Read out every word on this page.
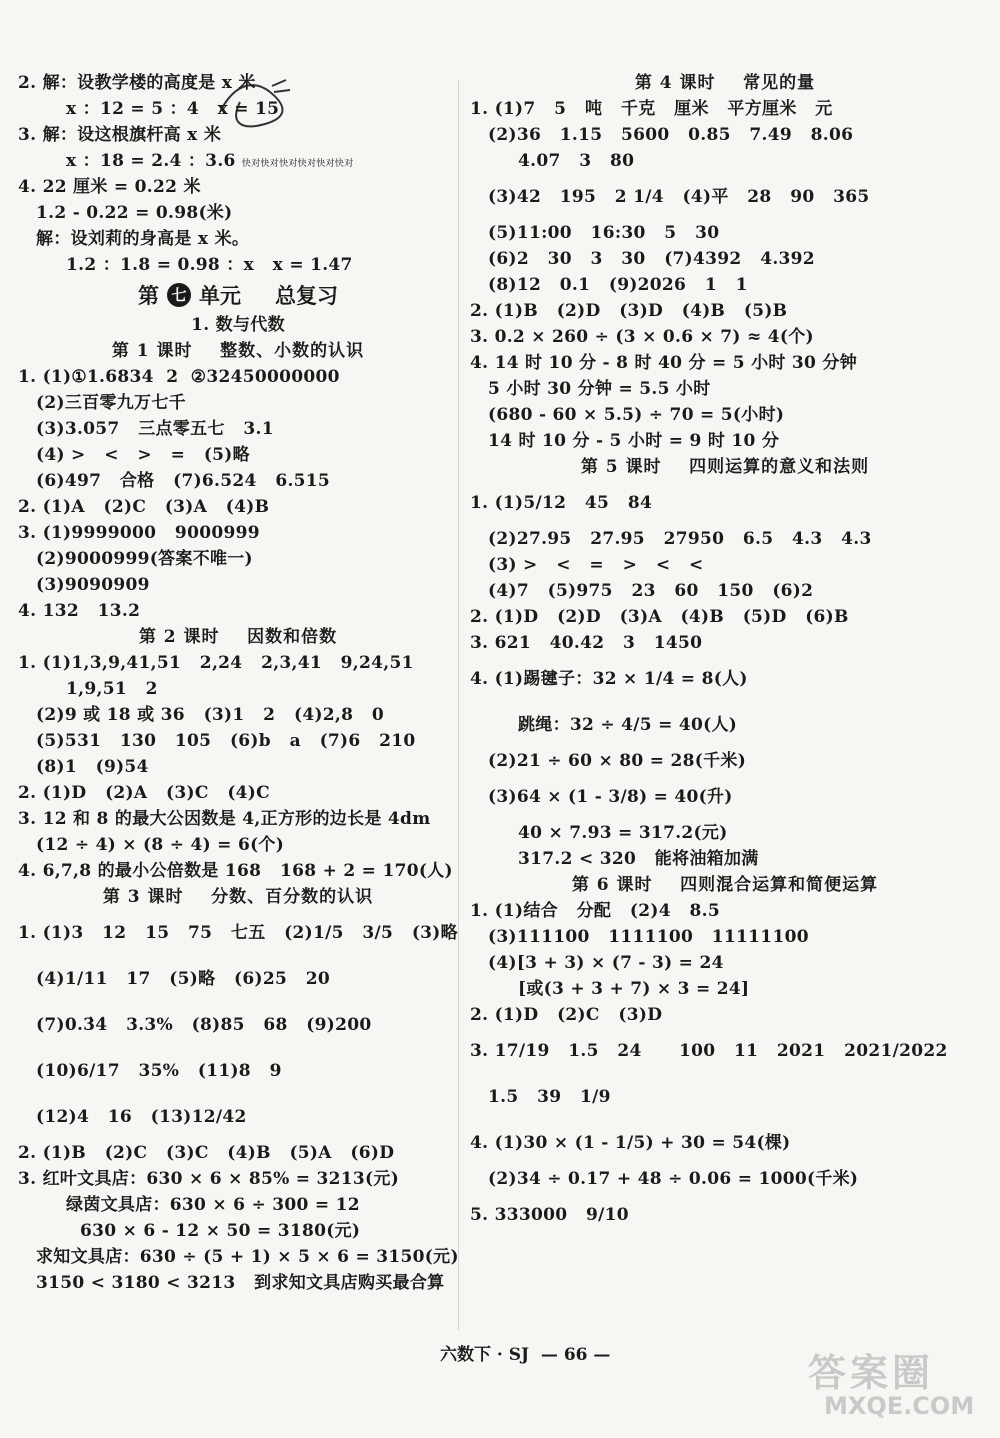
2. 解：设教学楼的高度是 x 米
x ：12 = 5 ：4   x = 15
3. 解：设这根旗杆高 x 米
x ：18 = 2.4 ：3.6 快对快对快对快对快对快对
4. 22 厘米 = 0.22 米
1.2 - 0.22 = 0.98(米)
解：设刘莉的身高是 x 米。
1.2 ：1.8 = 0.98 ：x   x = 1.47
第 七 单元 总复习
1. 数与代数
第 1 课时    整数、小数的认识
1. (1)①1.6834  2  ②32450000000
(2)三百零九万七千
(3)3.057   三点零五七   3.1
(4) >   <   >   =   (5)略
(6)497   合格   (7)6.524   6.515
2. (1)A   (2)C   (3)A   (4)B
3. (1)9999000   9000999
(2)9000999(答案不唯一)
(3)9090909
4. 132   13.2
第 2 课时    因数和倍数
1. (1)1,3,9,41,51   2,24   2,3,41   9,24,51
1,9,51   2
(2)9 或 18 或 36   (3)1   2   (4)2,8   0
(5)531   130   105   (6)b   a   (7)6   210
(8)1   (9)54
2. (1)D   (2)A   (3)C   (4)C
3. 12 和 8 的最大公因数是 4,正方形的边长是 4dm
(12 ÷ 4) × (8 ÷ 4) = 6(个)
4. 6,7,8 的最小公倍数是 168   168 + 2 = 170(人)
第 3 课时    分数、百分数的认识
1. (1)3   12   15   75   七五   (2)1/5   3/5   (3)略
(4)1/11   17   (5)略   (6)25   20
(7)0.3̇4̇   3.3%   (8)85   68   (9)200
(10)6/17   35%   (11)8   9
(12)4   16   (13)12/42
2. (1)B   (2)C   (3)C   (4)B   (5)A   (6)D
3. 红叶文具店：630 × 6 × 85% = 3213(元)
绿茵文具店：630 × 6 ÷ 300 = 12
630 × 6 - 12 × 50 = 3180(元)
求知文具店：630 ÷ (5 + 1) × 5 × 6 = 3150(元)
3150 < 3180 < 3213   到求知文具店购买最合算
第 4 课时    常见的量
1. (1)7   5   吨   千克   厘米   平方厘米   元
(2)36   1.15   5600   0.85   7.49   8.06
4.07   3   80
(3)42   195   2 1/4   (4)平   28   90   365
(5)11:00   16:30   5   30
(6)2   30   3   30   (7)4392   4.392
(8)12   0.1   (9)2026   1   1
2. (1)B   (2)D   (3)D   (4)B   (5)B
3. 0.2 × 260 ÷ (3 × 0.6 × 7) ≈ 4(个)
4. 14 时 10 分 - 8 时 40 分 = 5 小时 30 分钟
5 小时 30 分钟 = 5.5 小时
(680 - 60 × 5.5) ÷ 70 = 5(小时)
14 时 10 分 - 5 小时 = 9 时 10 分
第 5 课时    四则运算的意义和法则
1. (1)5/12   45   84
(2)27.95   27.95   27950   6.5   4.3   4.3
(3) >   <   =   >   <   <
(4)7   (5)975   23   60   150   (6)2
2. (1)D   (2)D   (3)A   (4)B   (5)D   (6)B
3. 621   40.42   3   1450
4. (1)踢毽子：32 × 1/4 = 8(人)
跳绳：32 ÷ 4/5 = 40(人)
(2)21 ÷ 60 × 80 = 28(千米)
(3)64 × (1 - 3/8) = 40(升)
40 × 7.93 = 317.2(元)
317.2 < 320   能将油箱加满
第 6 课时    四则混合运算和简便运算
1. (1)结合   分配   (2)4   8.5
(3)111100   1111100   11111100
(4)[3 + 3) × (7 - 3) = 24
[或(3 + 3 + 7) × 3 = 24]
2. (1)D   (2)C   (3)D
3. 17/19   1.5   24      100   11   2021   2021/2022
1.5   39   1/9
4. (1)30 × (1 - 1/5) + 30 = 54(棵)
(2)34 ÷ 0.17 + 48 ÷ 0.06 = 1000(千米)
5. 333000   9/10
六数下 · SJ  — 66 —	答案圈
MXQE.COM
